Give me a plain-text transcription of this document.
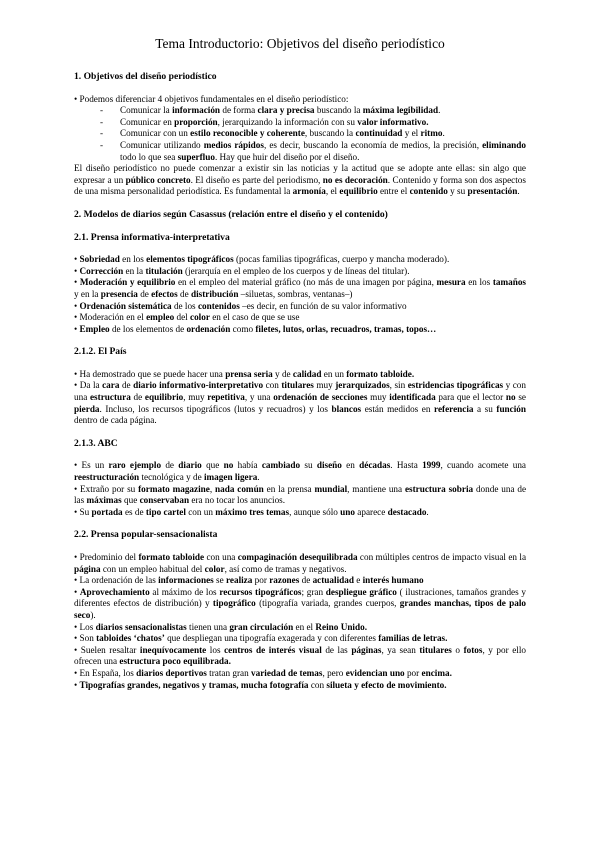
Tema Introductorio: Objetivos del diseño periodístico

1. Objetivos del diseño periodístico

• Podemos diferenciar 4 objetivos fundamentales en el diseño periodístico:

- Comunicar la información de forma clara y precisa buscando la máxima legibilidad.
- Comunicar en proporción, jerarquizando la información con su valor informativo.
- Comunicar con un estilo reconocible y coherente, buscando la continuidad y el ritmo.
- Comunicar utilizando medios rápidos, es decir, buscando la economía de medios, la precisión, eliminando todo lo que sea superfluo. Hay que huir del diseño por el diseño.

El diseño periodístico no puede comenzar a existir sin las noticias y la actitud que se adopte ante ellas: sin algo que expresar a un público concreto. El diseño es parte del periodismo, no es decoración. Contenido y forma son dos aspectos de una misma personalidad periodística. Es fundamental la armonía, el equilibrio entre el contenido y su presentación.

2. Modelos de diarios según Casassus (relación entre el diseño y el contenido)

2.1. Prensa informativa-interpretativa

• Sobriedad en los elementos tipográficos (pocas familias tipográficas, cuerpo y mancha moderado).

• Corrección en la titulación (jerarquía en el empleo de los cuerpos y de líneas del titular).

• Moderación y equilibrio en el empleo del material gráfico (no más de una imagen por página, mesura en los tamaños y en la presencia de efectos de distribución –siluetas, sombras, ventanas–)

• Ordenación sistemática de los contenidos –es decir, en función de su valor informativo

• Moderación en el empleo del color en el caso de que se use

• Empleo de los elementos de ordenación como filetes, lutos, orlas, recuadros, tramas, topos…

2.1.2. El País

• Ha demostrado que se puede hacer una prensa seria y de calidad en un formato tabloide.

• Da la cara de diario informativo-interpretativo con titulares muy jerarquizados, sin estridencias tipográficas y con una estructura de equilibrio, muy repetitiva, y una ordenación de secciones muy identificada para que el lector no se pierda. Incluso, los recursos tipográficos (lutos y recuadros) y los blancos están medidos en referencia a su función dentro de cada página.

2.1.3. ABC

• Es un raro ejemplo de diario que no había cambiado su diseño en décadas. Hasta 1999, cuando acomete una reestructuración tecnológica y de imagen ligera.

• Extraño por su formato magazine, nada común en la prensa mundial, mantiene una estructura sobria donde una de las máximas que conservaban era no tocar los anuncios.

• Su portada es de tipo cartel con un máximo tres temas, aunque sólo uno aparece destacado.

2.2. Prensa popular-sensacionalista

• Predominio del formato tabloide con una compaginación desequilibrada con múltiples centros de impacto visual en la página con un empleo habitual del color, así como de tramas y negativos.

• La ordenación de las informaciones se realiza por razones de actualidad e interés humano

• Aprovechamiento al máximo de los recursos tipográficos; gran despliegue gráfico ( ilustraciones, tamaños grandes y diferentes efectos de distribución) y tipográfico (tipografía variada, grandes cuerpos, grandes manchas, tipos de palo seco).

• Los diarios sensacionalistas tienen una gran circulación en el Reino Unido.

• Son tabloides ‘chatos’ que despliegan una tipografía exagerada y con diferentes familias de letras.

• Suelen resaltar inequívocamente los centros de interés visual de las páginas, ya sean titulares o fotos, y por ello ofrecen una estructura poco equilibrada.

• En España, los diarios deportivos tratan gran variedad de temas, pero evidencian uno por encima.

• Tipografías grandes, negativos y tramas, mucha fotografía con silueta y efecto de movimiento.
